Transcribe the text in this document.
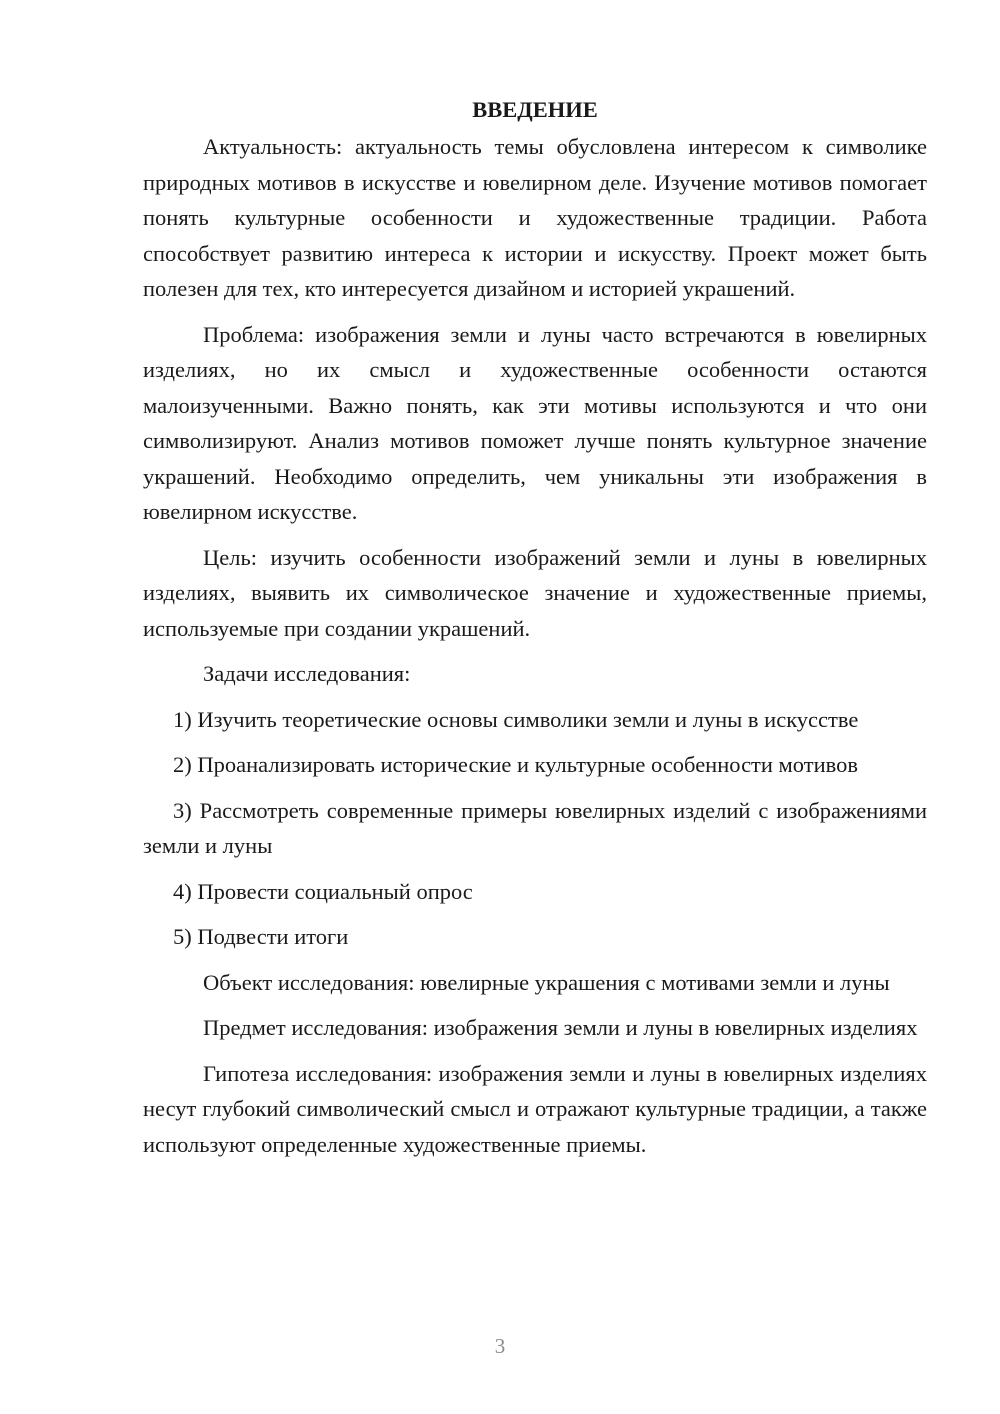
ВВЕДЕНИЕ

Актуальность: актуальность темы обусловлена интересом к символике природных мотивов в искусстве и ювелирном деле. Изучение мотивов помогает понять культурные особенности и художественные традиции. Работа способствует развитию интереса к истории и искусству. Проект может быть полезен для тех, кто интересуется дизайном и историей украшений.

Проблема: изображения земли и луны часто встречаются в ювелирных изделиях, но их смысл и художественные особенности остаются малоизученными. Важно понять, как эти мотивы используются и что они символизируют. Анализ мотивов поможет лучше понять культурное значение украшений. Необходимо определить, чем уникальны эти изображения в ювелирном искусстве.

Цель: изучить особенности изображений земли и луны в ювелирных изделиях, выявить их символическое значение и художественные приемы, используемые при создании украшений.

Задачи исследования:

1) Изучить теоретические основы символики земли и луны в искусстве

2) Проанализировать исторические и культурные особенности мотивов

3) Рассмотреть современные примеры ювелирных изделий с изображениями земли и луны

4) Провести социальный опрос

5) Подвести итоги

Объект исследования: ювелирные украшения с мотивами земли и луны

Предмет исследования: изображения земли и луны в ювелирных изделиях

Гипотеза исследования: изображения земли и луны в ювелирных изделиях несут глубокий символический смысл и отражают культурные традиции, а также используют определенные художественные приемы.

3
